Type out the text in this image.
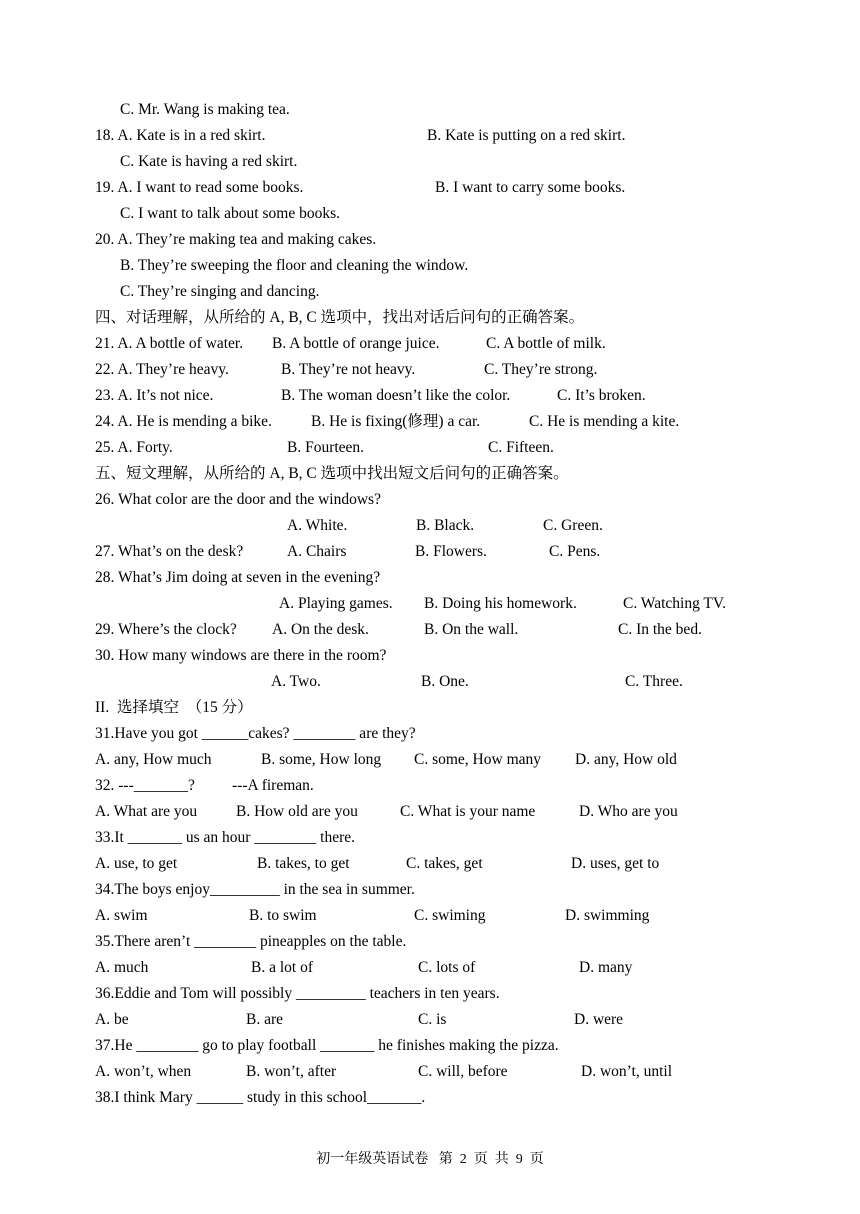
C. Mr. Wang is making tea.
18. A. Kate is in a red skirt.	B. Kate is putting on a red skirt.
C. Kate is having a red skirt.
19. A. I want to read some books.	B. I want to carry some books.
C. I want to talk about some books.
20. A. They’re making tea and making cakes.
B. They’re sweeping the floor and cleaning the window.
C. They’re singing and dancing.
四、对话理解，从所给的 A, B, C 选项中，找出对话后问句的正确答案。
21. A. A bottle of water. B. A bottle of orange juice.	C. A bottle of milk.
22. A. They’re heavy.	B. They’re not heavy.	C. They’re strong.
23. A. It’s not nice.	B. The woman doesn’t like the color.	C. It’s broken.
24. A. He is mending a bike.	B. He is fixing(修理) a car.	C. He is mending a kite.
25. A. Forty.	B. Fourteen.	C. Fifteen.
五、短文理解，从所给的 A, B, C 选项中找出短文后问句的正确答案。
26. What color are the door and the windows?
A. White.	B. Black.	C. Green.
27. What’s on the desk?	A. Chairs	B. Flowers.	C. Pens.
28. What’s Jim doing at seven in the evening?
A. Playing games. B. Doing his homework.	C. Watching TV.
29. Where’s the clock? A. On the desk.	B. On the wall.	C. In the bed.
30. How many windows are there in the room?
A. Two.	B. One.	C. Three.
II.  选择填空  （15 分）
31.Have you got ______cakes? ________ are they?
A. any, How much	B. some, How long C. some, How many D. any, How old
32. ---_______? ---A fireman.
A. What are you	B. How old are you	C. What is your name	D. Who are you
33.It _______ us an hour ________ there.
A. use, to get	B. takes, to get	C. takes, get	D. uses, get to
34.The boys enjoy_________ in the sea in summer.
A. swim	B. to swim	C. swiming	D. swimming
35.There aren’t ________ pineapples on the table.
A. much	B. a lot of	C. lots of	D. many
36.Eddie and Tom will possibly _________ teachers in ten years.
A. be	B. are	C. is	D. were
37.He ________ go to play football _______ he finishes making the pizza.
A. won’t, when	B. won’t, after	C. will, before	D. won’t, until
38.I think Mary ______ study in this school_______.
初一年级英语试卷   第  2  页  共  9  页
